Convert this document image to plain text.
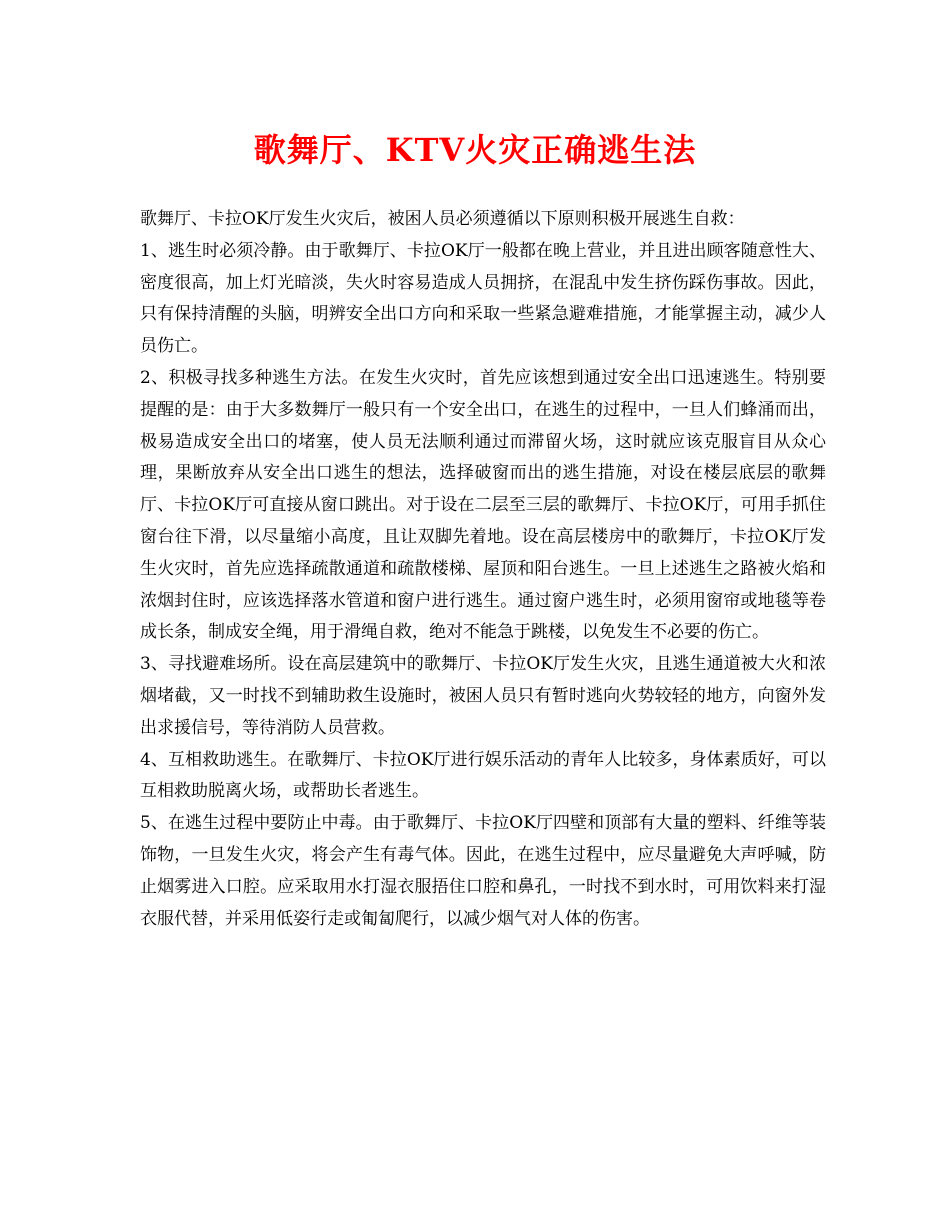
歌舞厅、KTV火灾正确逃生法

歌舞厅、卡拉OK厅发生火灾后，被困人员必须遵循以下原则积极开展逃生自救：

1、逃生时必须冷静。由于歌舞厅、卡拉OK厅一般都在晚上营业，并且进出顾客随意性大、密度很高，加上灯光暗淡，失火时容易造成人员拥挤，在混乱中发生挤伤踩伤事故。因此，只有保持清醒的头脑，明辨安全出口方向和采取一些紧急避难措施，才能掌握主动，减少人员伤亡。

2、积极寻找多种逃生方法。在发生火灾时，首先应该想到通过安全出口迅速逃生。特别要提醒的是：由于大多数舞厅一般只有一个安全出口，在逃生的过程中，一旦人们蜂涌而出，极易造成安全出口的堵塞，使人员无法顺利通过而滞留火场，这时就应该克服盲目从众心理，果断放弃从安全出口逃生的想法，选择破窗而出的逃生措施，对设在楼层底层的歌舞厅、卡拉OK厅可直接从窗口跳出。对于设在二层至三层的歌舞厅、卡拉OK厅，可用手抓住窗台往下滑，以尽量缩小高度，且让双脚先着地。设在高层楼房中的歌舞厅，卡拉OK厅发生火灾时，首先应选择疏散通道和疏散楼梯、屋顶和阳台逃生。一旦上述逃生之路被火焰和浓烟封住时，应该选择落水管道和窗户进行逃生。通过窗户逃生时，必须用窗帘或地毯等卷成长条，制成安全绳，用于滑绳自救，绝对不能急于跳楼，以免发生不必要的伤亡。

3、寻找避难场所。设在高层建筑中的歌舞厅、卡拉OK厅发生火灾，且逃生通道被大火和浓烟堵截，又一时找不到辅助救生设施时，被困人员只有暂时逃向火势较轻的地方，向窗外发出求援信号，等待消防人员营救。

4、互相救助逃生。在歌舞厅、卡拉OK厅进行娱乐活动的青年人比较多，身体素质好，可以互相救助脱离火场，或帮助长者逃生。

5、在逃生过程中要防止中毒。由于歌舞厅、卡拉OK厅四壁和顶部有大量的塑料、纤维等装饰物，一旦发生火灾，将会产生有毒气体。因此，在逃生过程中，应尽量避免大声呼喊，防止烟雾进入口腔。应采取用水打湿衣服捂住口腔和鼻孔，一时找不到水时，可用饮料来打湿衣服代替，并采用低姿行走或匍匐爬行，以减少烟气对人体的伤害。
